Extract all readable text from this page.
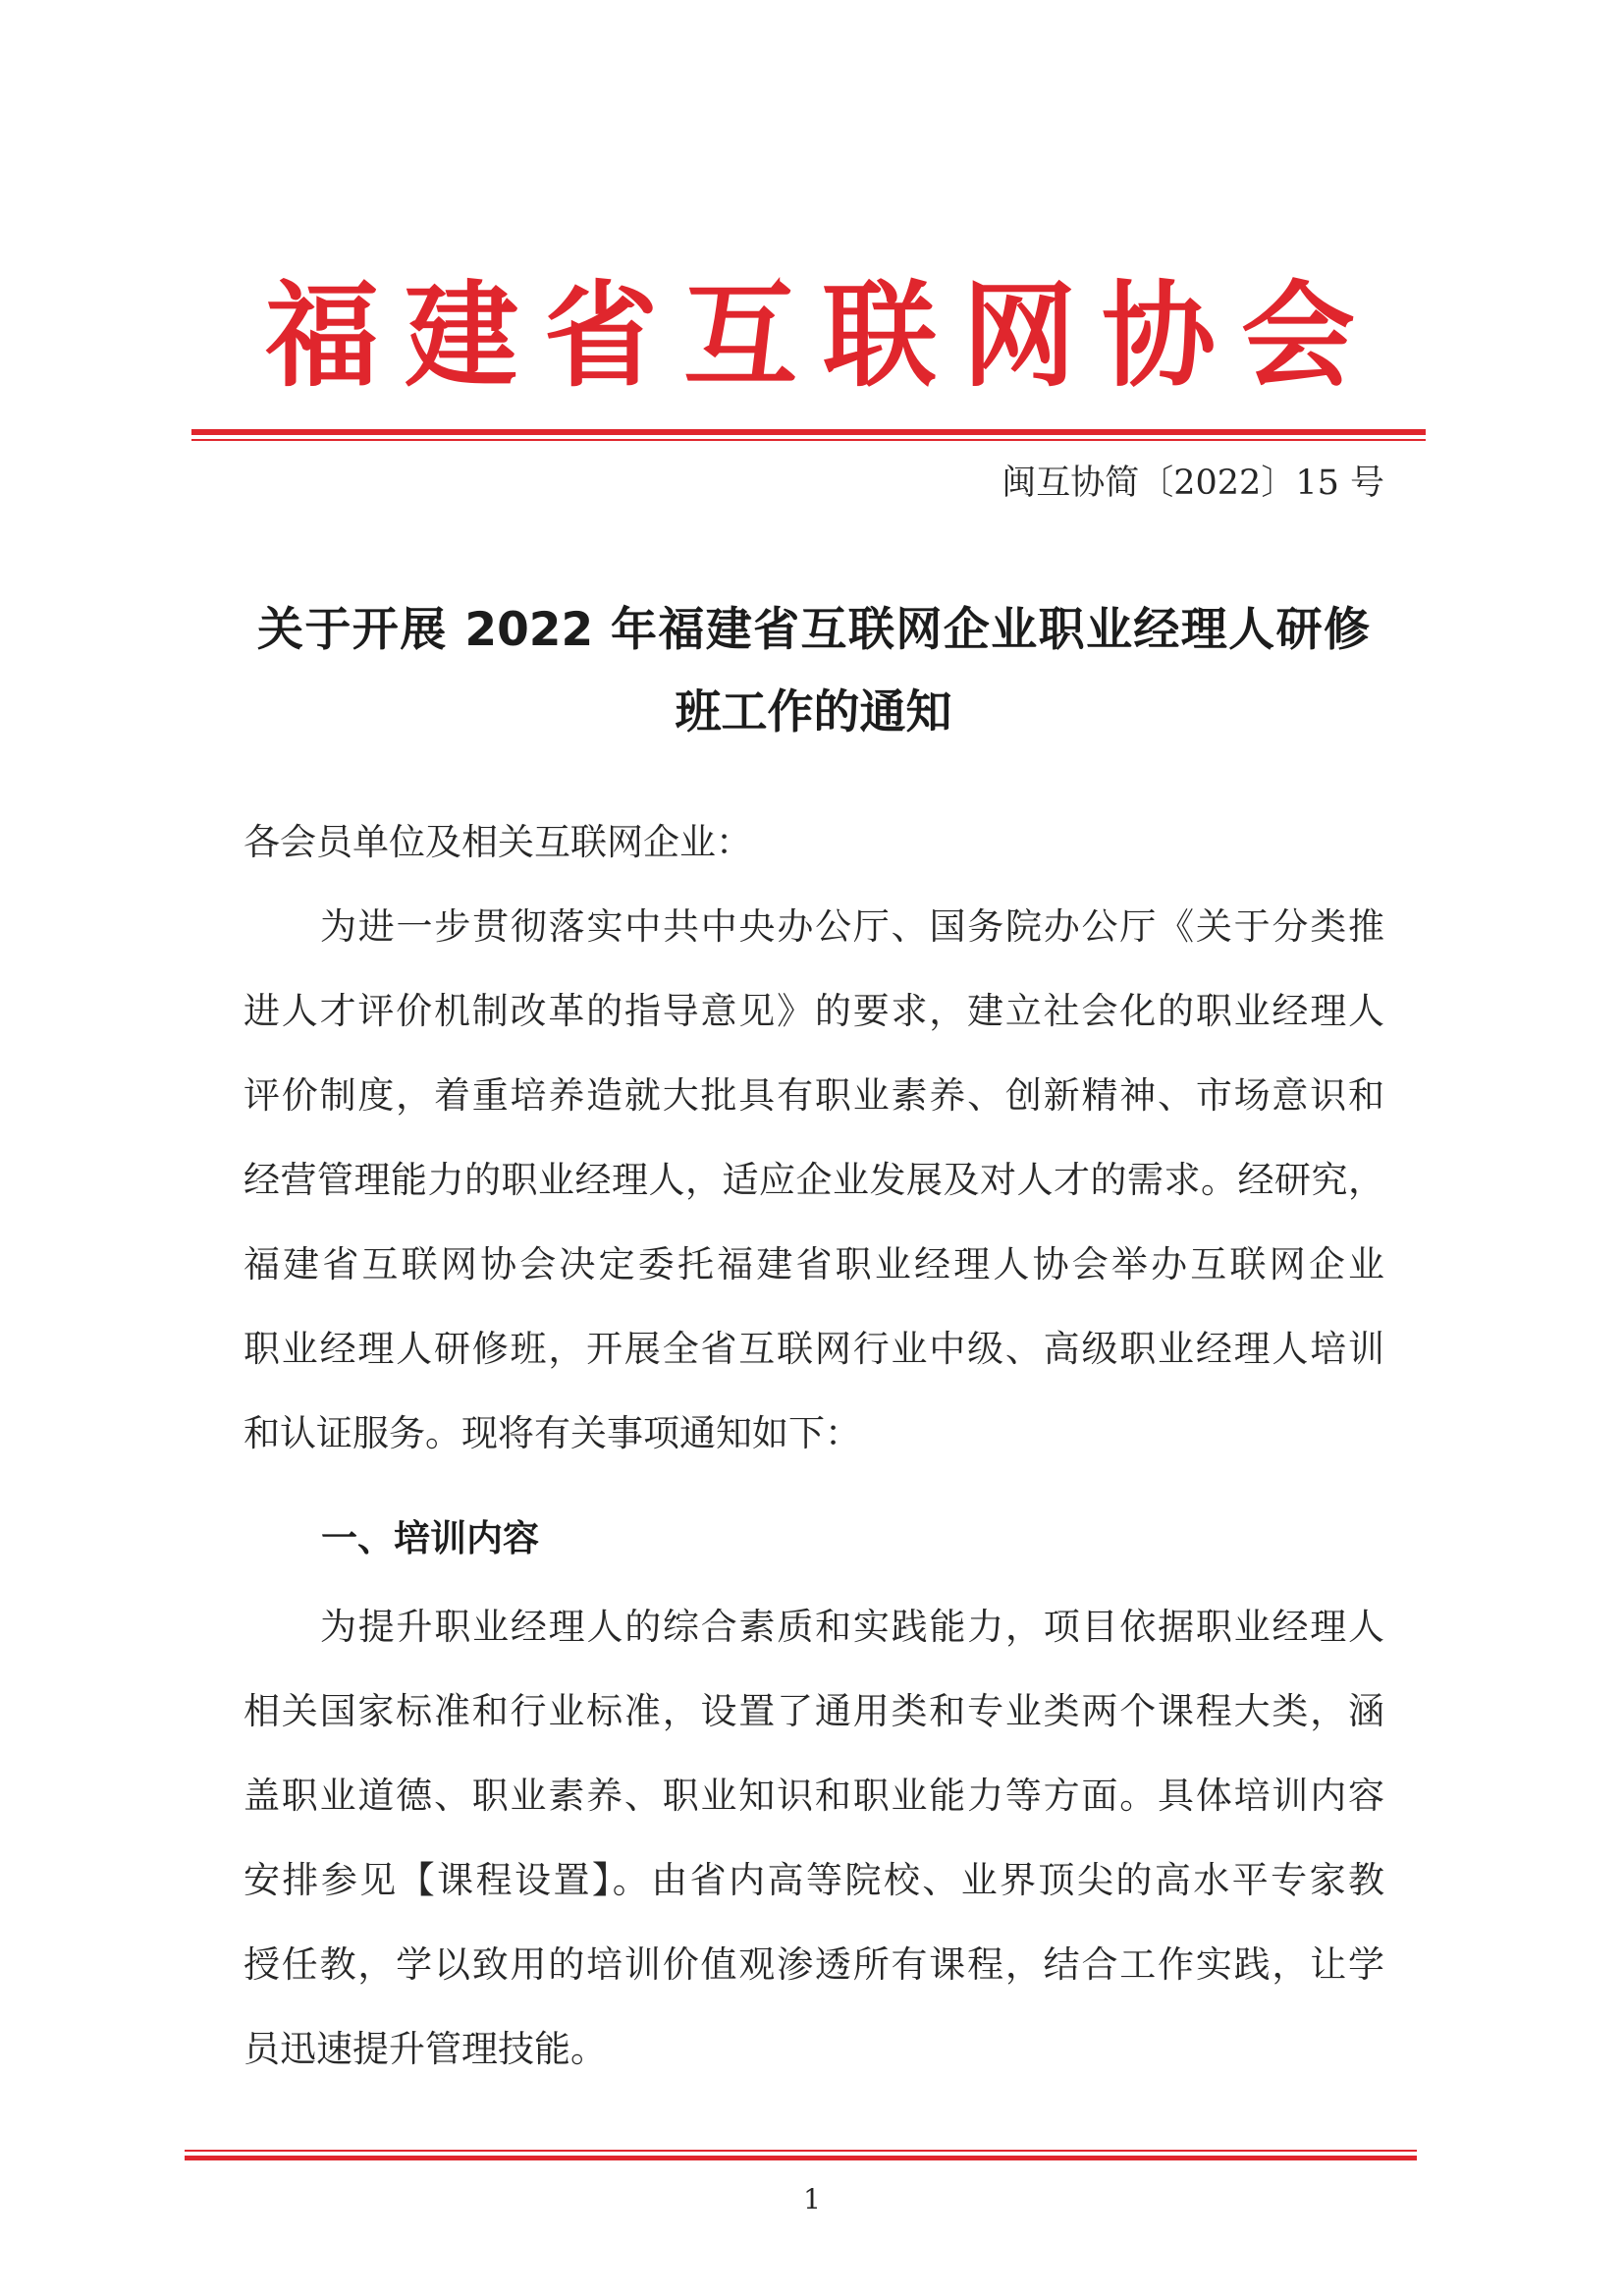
福建省互联网协会
闽互协简〔2022〕15 号
关于开展 2022 年福建省互联网企业职业经理人研修
班工作的通知
各会员单位及相关互联网企业：
为进一步贯彻落实中共中央办公厅、国务院办公厅《关于分类推
进人才评价机制改革的指导意见》的要求，建立社会化的职业经理人
评价制度，着重培养造就大批具有职业素养、创新精神、市场意识和
经营管理能力的职业经理人，适应企业发展及对人才的需求。经研究，
福建省互联网协会决定委托福建省职业经理人协会举办互联网企业
职业经理人研修班，开展全省互联网行业中级、高级职业经理人培训
和认证服务。现将有关事项通知如下：
一、培训内容
为提升职业经理人的综合素质和实践能力，项目依据职业经理人
相关国家标准和行业标准，设置了通用类和专业类两个课程大类，涵
盖职业道德、职业素养、职业知识和职业能力等方面。具体培训内容
安排参见【课程设置】。由省内高等院校、业界顶尖的高水平专家教
授任教，学以致用的培训价值观渗透所有课程，结合工作实践，让学
员迅速提升管理技能。
1
